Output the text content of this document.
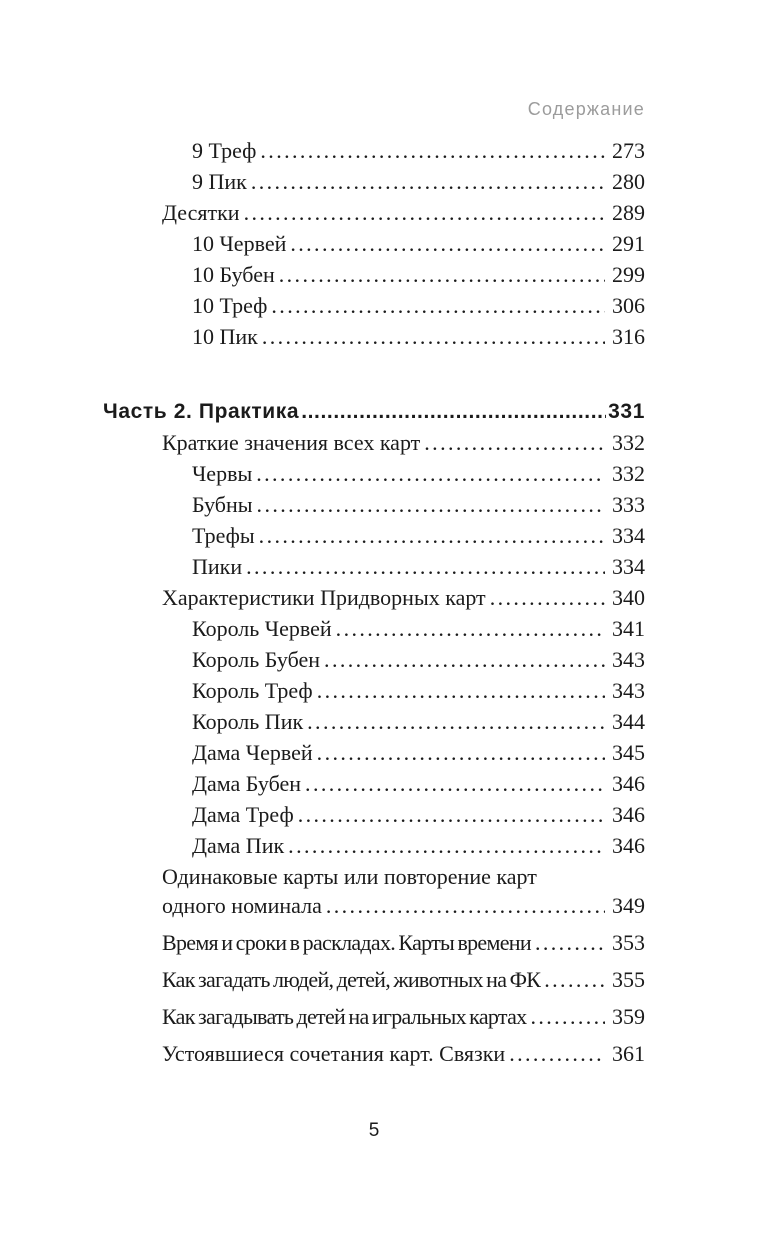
Содержание
9 Треф .....	273
9 Пик .....	280
Десятки .....	289
10 Червей .....	291
10 Бубен .....	299
10 Треф .....	306
10 Пик .....	316
Часть 2. Практика .....	331
Краткие значения всех карт .....	332
Червы .....	332
Бубны .....	333
Трефы .....	334
Пики .....	334
Характеристики Придворных карт .....	340
Король Червей .....	341
Король Бубен .....	343
Король Треф .....	343
Король Пик .....	344
Дама Червей .....	345
Дама Бубен .....	346
Дама Треф .....	346
Дама Пик .....	346
Одинаковые карты или повторение карт
одного номинала .....	349
Время и сроки в раскладах. Карты времени .....	353
Как загадать людей, детей, животных на ФК .....	355
Как загадывать детей на игральных картах .....	359
Устоявшиеся сочетания карт. Связки .....	361
5
